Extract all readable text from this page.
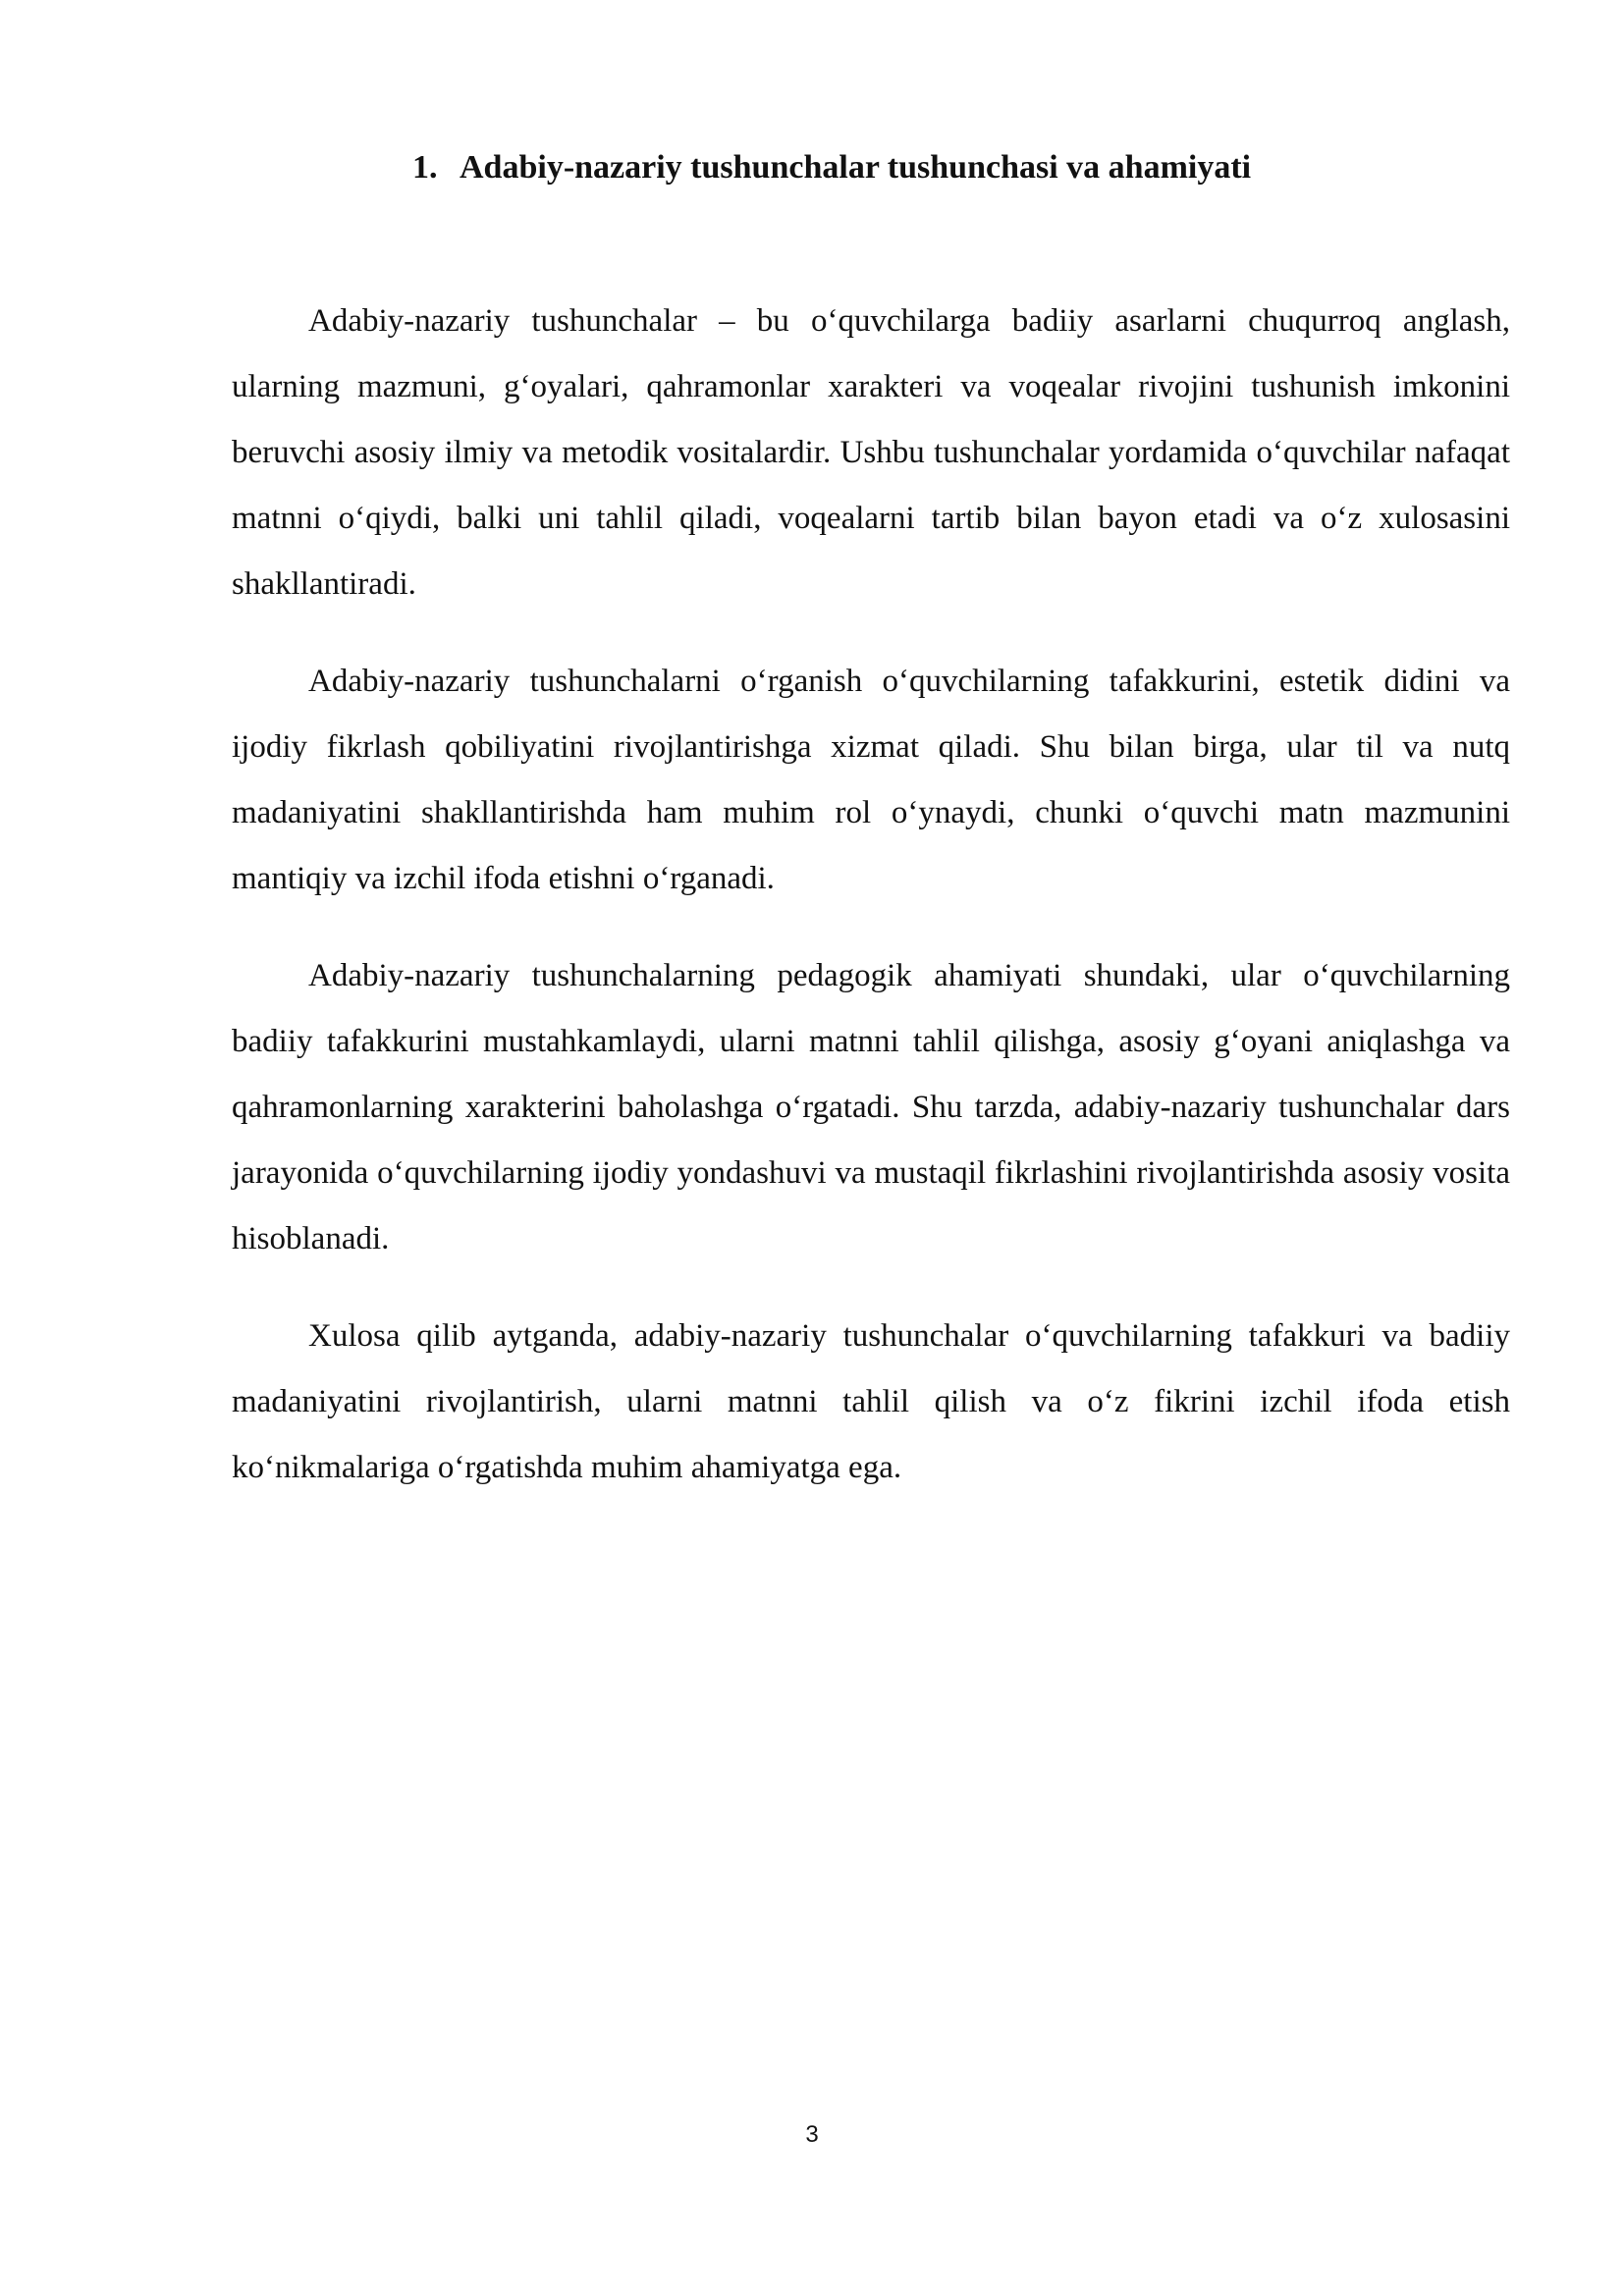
1. Adabiy-nazariy tushunchalar tushunchasi va ahamiyati

Adabiy-nazariy tushunchalar – bu o‘quvchilarga badiiy asarlarni chuqurroq anglash, ularning mazmuni, g‘oyalari, qahramonlar xarakteri va voqealar rivojini tushunish imkonini beruvchi asosiy ilmiy va metodik vositalardir. Ushbu tushunchalar yordamida o‘quvchilar nafaqat matnni o‘qiydi, balki uni tahlil qiladi, voqealarni tartib bilan bayon etadi va o‘z xulosasini shakllantiradi.

Adabiy-nazariy tushunchalarni o‘rganish o‘quvchilarning tafakkurini, estetik didini va ijodiy fikrlash qobiliyatini rivojlantirishga xizmat qiladi. Shu bilan birga, ular til va nutq madaniyatini shakllantirishda ham muhim rol o‘ynaydi, chunki o‘quvchi matn mazmunini mantiqiy va izchil ifoda etishni o‘rganadi.

Adabiy-nazariy tushunchalarning pedagogik ahamiyati shundaki, ular o‘quvchilarning badiiy tafakkurini mustahkamlaydi, ularni matnni tahlil qilishga, asosiy g‘oyani aniqlashga va qahramonlarning xarakterini baholashga o‘rgatadi. Shu tarzda, adabiy-nazariy tushunchalar dars jarayonida o‘quvchilarning ijodiy yondashuvi va mustaqil fikrlashini rivojlantirishda asosiy vosita hisoblanadi.

Xulosa qilib aytganda, adabiy-nazariy tushunchalar o‘quvchilarning tafakkuri va badiiy madaniyatini rivojlantirish, ularni matnni tahlil qilish va o‘z fikrini izchil ifoda etish ko‘nikmalariga o‘rgatishda muhim ahamiyatga ega.

3
